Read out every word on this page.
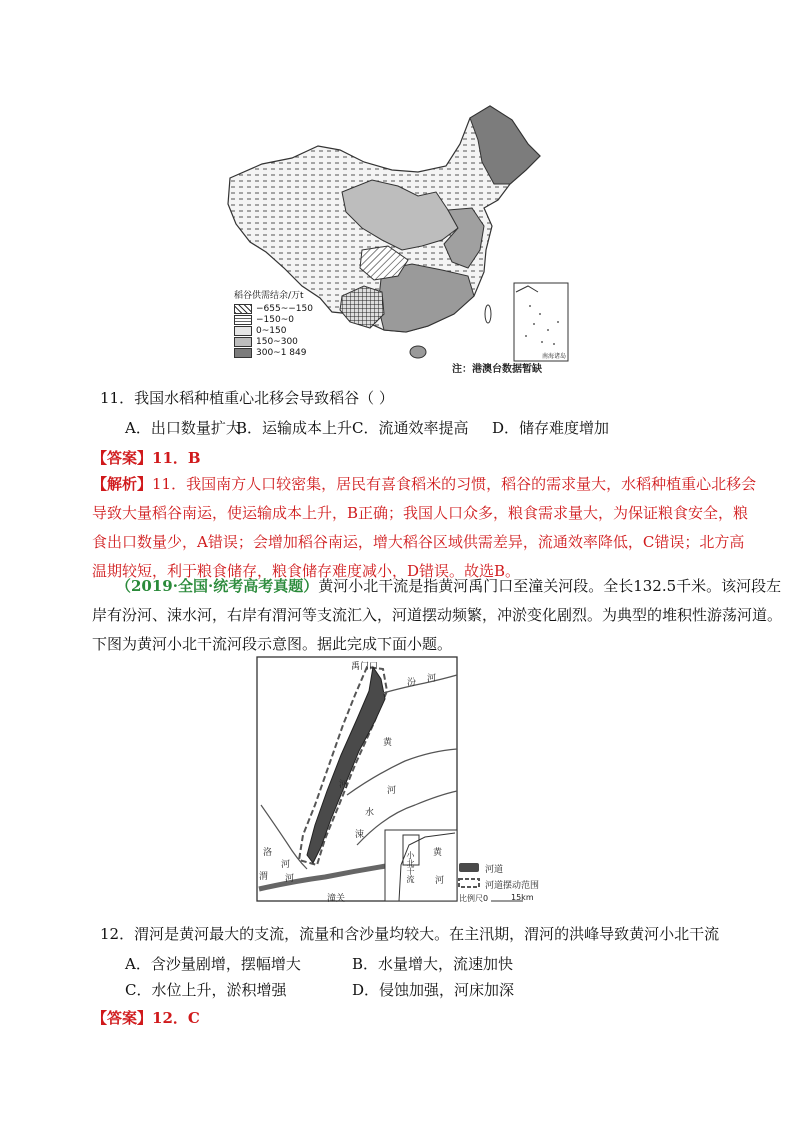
稻谷供需结余/万t
−655~−150
−150~0
0~150
150~300
300~1 849	南海诸岛
注：港澳台数据暂缺
11．我国水稻种植重心北移会导致稻谷（ ）
A．出口数量扩大
B．运输成本上升 C．流通效率提高 D．储存难度增加
【答案】11．B
【解析】11．我国南方人口较密集，居民有喜食稻米的习惯，稻谷的需求量大，水稻种植重心北移会
导致大量稻谷南运，使运输成本上升，B正确；我国人口众多，粮食需求量大，为保证粮食安全，粮
食出口数量少，A错误；会增加稻谷南运，增大稻谷区域供需差异，流通效率降低，C错误；北方高
温期较短，利于粮食储存，粮食储存难度减小，D错误。故选B。
（2019·全国·统考高考真题）黄河小北干流是指黄河禹门口至潼关河段。全长132.5千米。该河段左
岸有汾河、涑水河，右岸有渭河等支流汇入，河道摆动频繁，冲淤变化剧烈。为典型的堆积性游荡河道。
下图为黄河小北干流河段示意图。据此完成下面小题。
禹门口
汾 河
黄
河
河
水
涑
洛
河
渭 河
潼关
黄
河
小北干流	河道
河道摆动范围
比例尺0	15km
12．渭河是黄河最大的支流，流量和含沙量均较大。在主汛期，渭河的洪峰导致黄河小北干流
A．含沙量剧增，摆幅增大	B．水量增大，流速加快
C．水位上升，淤积增强	D．侵蚀加强，河床加深
【答案】12．C
